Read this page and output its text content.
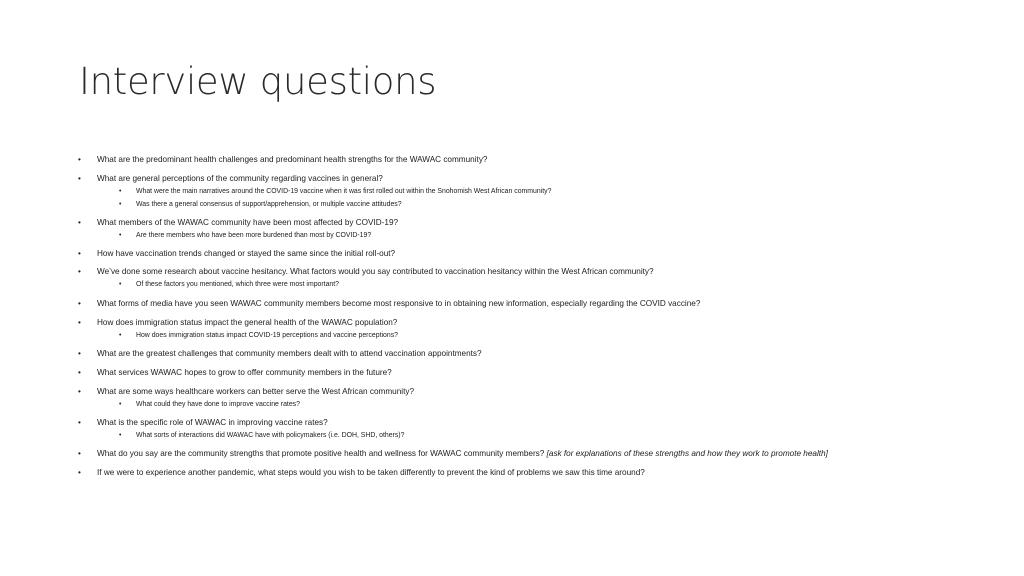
Interview questions
• What are the predominant health challenges and predominant health strengths for the WAWAC community?
• What are general perceptions of the community regarding vaccines in general?
• What were the main narratives around the COVID-19 vaccine when it was first rolled out within the Snohomish West African community?
• Was there a general consensus of support/apprehension, or multiple vaccine attitudes?
• What members of the WAWAC community have been most affected by COVID-19?
• Are there members who have been more burdened than most by COVID-19?
• How have vaccination trends changed or stayed the same since the initial roll-out?
• We’ve done some research about vaccine hesitancy. What factors would you say contributed to vaccination hesitancy within the West African community?
• Of these factors you mentioned, which three were most important?
• What forms of media have you seen WAWAC community members become most responsive to in obtaining new information, especially regarding the COVID vaccine?
• How does immigration status impact the general health of the WAWAC population?
• How does immigration status impact COVID-19 perceptions and vaccine perceptions?
• What are the greatest challenges that community members dealt with to attend vaccination appointments?
• What services WAWAC hopes to grow to offer community members in the future?
• What are some ways healthcare workers can better serve the West African community?
• What could they have done to improve vaccine rates?
• What is the specific role of WAWAC in improving vaccine rates?
• What sorts of interactions did WAWAC have with policymakers (i.e. DOH, SHD, others)?
• What do you say are the community strengths that promote positive health and wellness for WAWAC community members? [ask for explanations of these strengths and how they work to promote health]
• If we were to experience another pandemic, what steps would you wish to be taken differently to prevent the kind of problems we saw this time around?
